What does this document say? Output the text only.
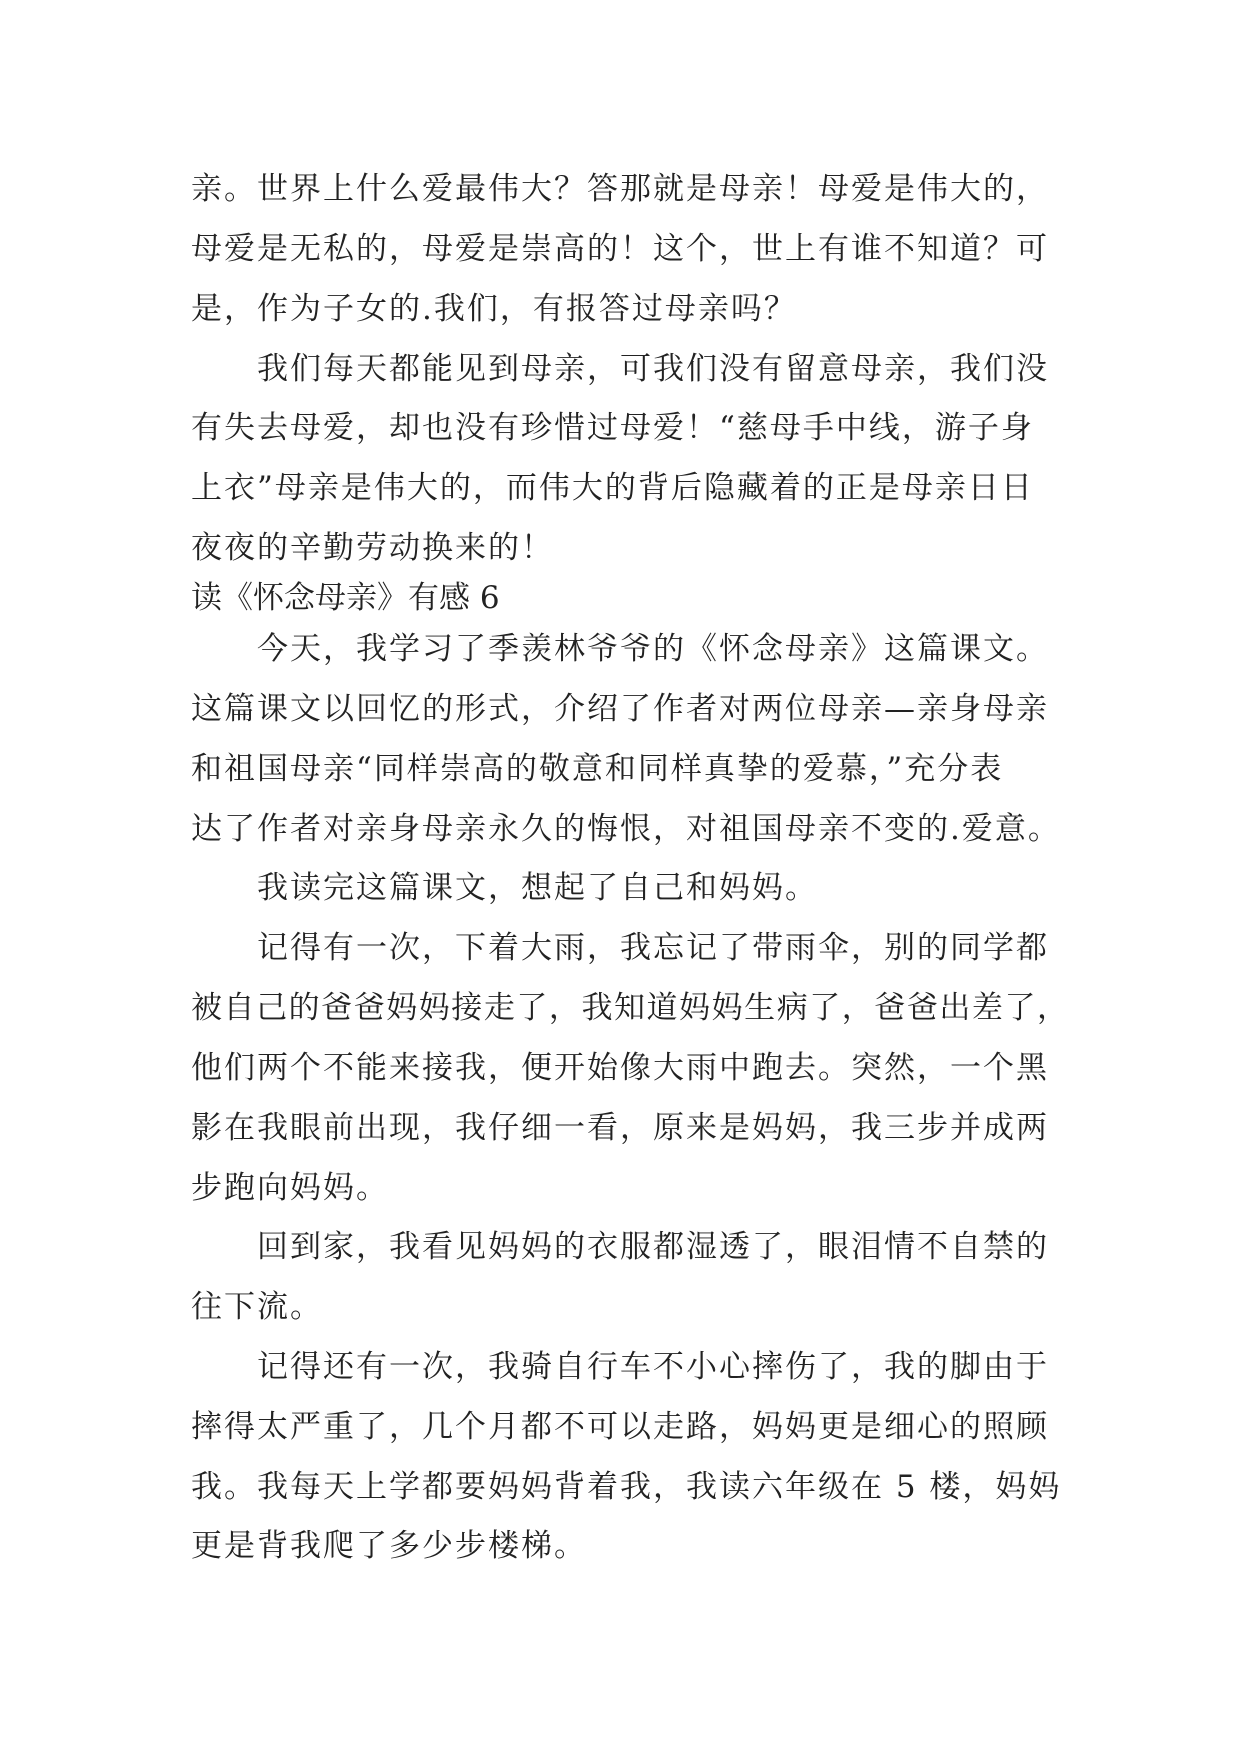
亲。世界上什么爱最伟大？答那就是母亲！母爱是伟大的，
母爱是无私的，母爱是崇高的！这个，世上有谁不知道？可
是，作为子女的.我们，有报答过母亲吗？
我们每天都能见到母亲，可我们没有留意母亲，我们没
有失去母爱，却也没有珍惜过母爱！“慈母手中线，游子身
上衣”母亲是伟大的，而伟大的背后隐藏着的正是母亲日日
夜夜的辛勤劳动换来的！
读《怀念母亲》有感 6
今天，我学习了季羡林爷爷的《怀念母亲》这篇课文。
这篇课文以回忆的形式，介绍了作者对两位母亲—亲身母亲
和祖国母亲“同样崇高的敬意和同样真挚的爱慕，”充分表
达了作者对亲身母亲永久的悔恨，对祖国母亲不变的.爱意。
我读完这篇课文，想起了自己和妈妈。
记得有一次，下着大雨，我忘记了带雨伞，别的同学都
被自己的爸爸妈妈接走了，我知道妈妈生病了，爸爸出差了，
他们两个不能来接我，便开始像大雨中跑去。突然，一个黑
影在我眼前出现，我仔细一看，原来是妈妈，我三步并成两
步跑向妈妈。
回到家，我看见妈妈的衣服都湿透了，眼泪情不自禁的
往下流。
记得还有一次，我骑自行车不小心摔伤了，我的脚由于
摔得太严重了，几个月都不可以走路，妈妈更是细心的照顾
我。我每天上学都要妈妈背着我，我读六年级在 5 楼，妈妈
更是背我爬了多少步楼梯。
